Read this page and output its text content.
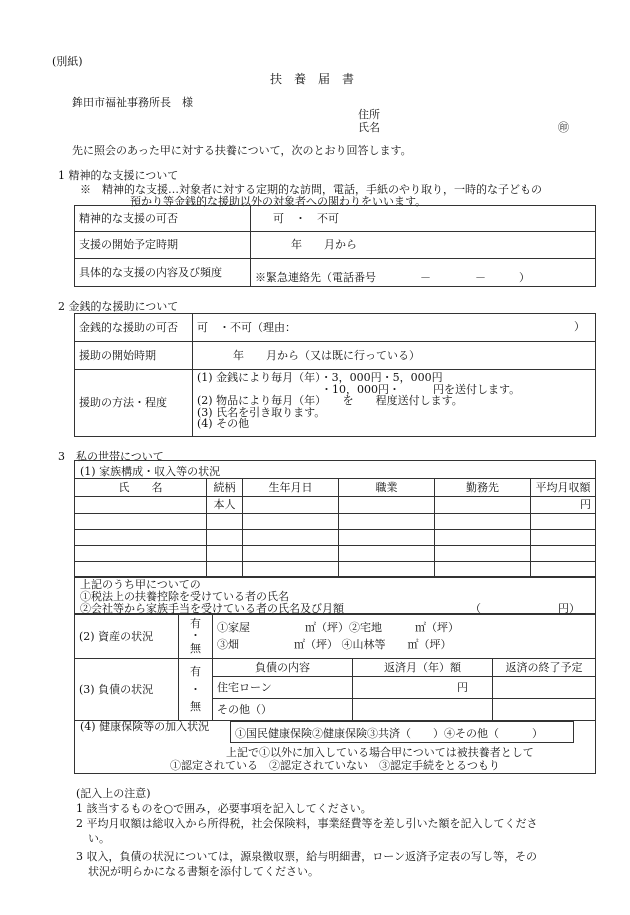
(別紙)
扶　養　届　書
鉾田市福祉事務所長　様
住所
氏名	㊞
先に照会のあった甲に対する扶養について，次のとおり回答します。
1 精神的な支援について
※　精神的な支援…対象者に対する定期的な訪問，電話，手紙のやり取り，一時的な子どもの
預かり等金銭的な援助以外の対象者への関わりをいいます。
精神的な支援の可否	可　・　不可
支援の開始予定時期	年　　月から
具体的な支援の内容及び頻度	※緊急連絡先（電話番号　　　　－　　　　－　　　）
2 金銭的な援助について
金銭的な援助の可否	可　・不可（理由： ）

援助の開始時期	年　　月から（又は既に行っている）
援助の方法・程度	(1) 金銭により毎月（年）・3，000円・5，000円
・10，000円・　　　円を送付します。
(2) 物品により毎月（年）　　を　　程度送付します。
(3) 氏名を引き取ります。
(4) その他
3　私の世帯について
(1) 家族構成・収入等の状況
氏　　名	続柄	生年月日	職業	勤務先	平均月収額
	本人				円

上記のうち甲についての
①税法上の扶養控除を受けている者の氏名
②会社等から家族手当を受けている者の氏名及び月額	（　　　　　　　円）
(2) 資産の状況	
有
・
無

①家屋　　　　　㎡（坪）②宅地　　　㎡（坪）
③畑　　　　　㎡（坪） ④山林等　　㎡（坪）
(3) 負債の状況	有
・
無	負債の内容	返済月（年）額	返済の終了予定
		住宅ローン	円	
		その他（）		
(4) 健康保険等の加入状況
①国民健康保険②健康保険③共済（　　）④その他（　　　）
上記で①以外に加入している場合甲については被扶養者として
①認定されている　②認定されていない　③認定手続をとるつもり
(記入上の注意)
1 該当するものを○で囲み，必要事項を記入してください。
2 平均月収額は総収入から所得税，社会保険料，事業経費等を差し引いた額を記入してくださ
い。
3 収入，負債の状況については，源泉徴収票，給与明細書，ローン返済予定表の写し等，その
状況が明らかになる書類を添付してください。
